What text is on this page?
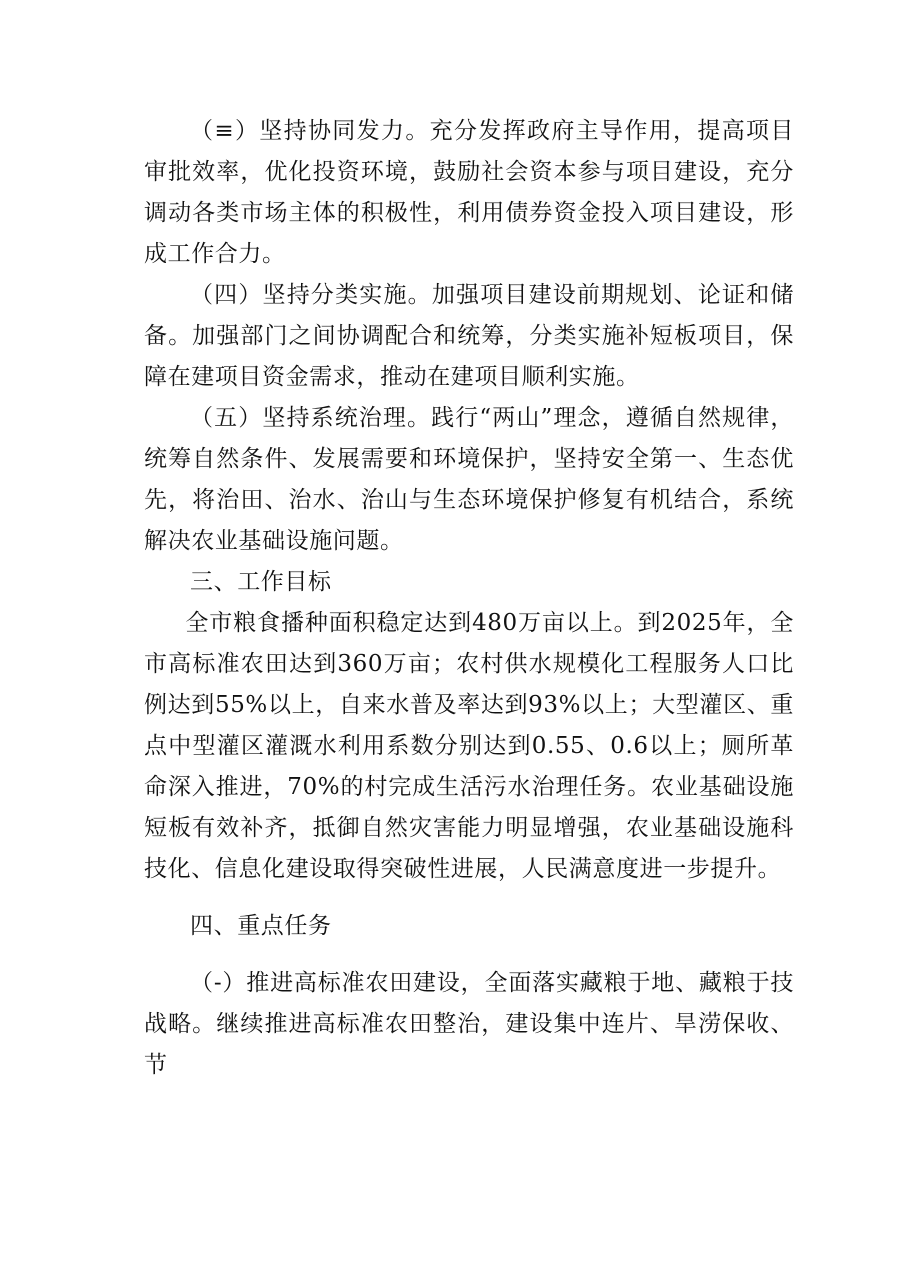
（≡）坚持协同发力。充分发挥政府主导作用，提高项目审批效率，优化投资环境，鼓励社会资本参与项目建设，充分调动各类市场主体的积极性，利用债券资金投入项目建设，形成工作合力。

（四）坚持分类实施。加强项目建设前期规划、论证和储备。加强部门之间协调配合和统筹，分类实施补短板项目，保障在建项目资金需求，推动在建项目顺利实施。

（五）坚持系统治理。践行“两山”理念，遵循自然规律，统筹自然条件、发展需要和环境保护，坚持安全第一、生态优先，将治田、治水、治山与生态环境保护修复有机结合，系统解决农业基础设施问题。

三、工作目标

全市粮食播种面积稳定达到480万亩以上。到2025年，全市高标准农田达到360万亩；农村供水规模化工程服务人口比例达到55%以上，自来水普及率达到93%以上；大型灌区、重点中型灌区灌溉水利用系数分别达到0.55、0.6以上；厕所革命深入推进，70%的村完成生活污水治理任务。农业基础设施短板有效补齐，抵御自然灾害能力明显增强，农业基础设施科技化、信息化建设取得突破性进展，人民满意度进一步提升。

四、重点任务

（-）推进高标准农田建设，全面落实藏粮于地、藏粮于技战略。继续推进高标准农田整治，建设集中连片、旱涝保收、节
